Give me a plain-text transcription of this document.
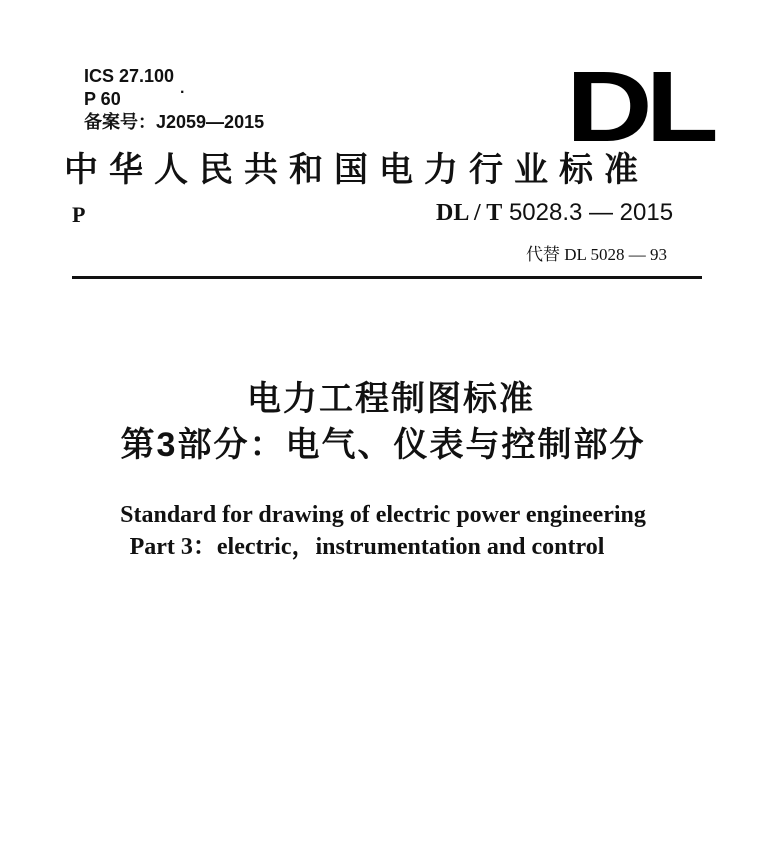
ICS 27.100
P 60	·
备案号：J2059—2015	DL
中华人民共和国电力行业标准
P	DL / T 5028.3 — 2015
代替 DL 5028 — 93
电力工程制图标准
第3部分：电气、仪表与控制部分
Standard for drawing of electric power engineering
Part 3：electric，instrumentation and control
